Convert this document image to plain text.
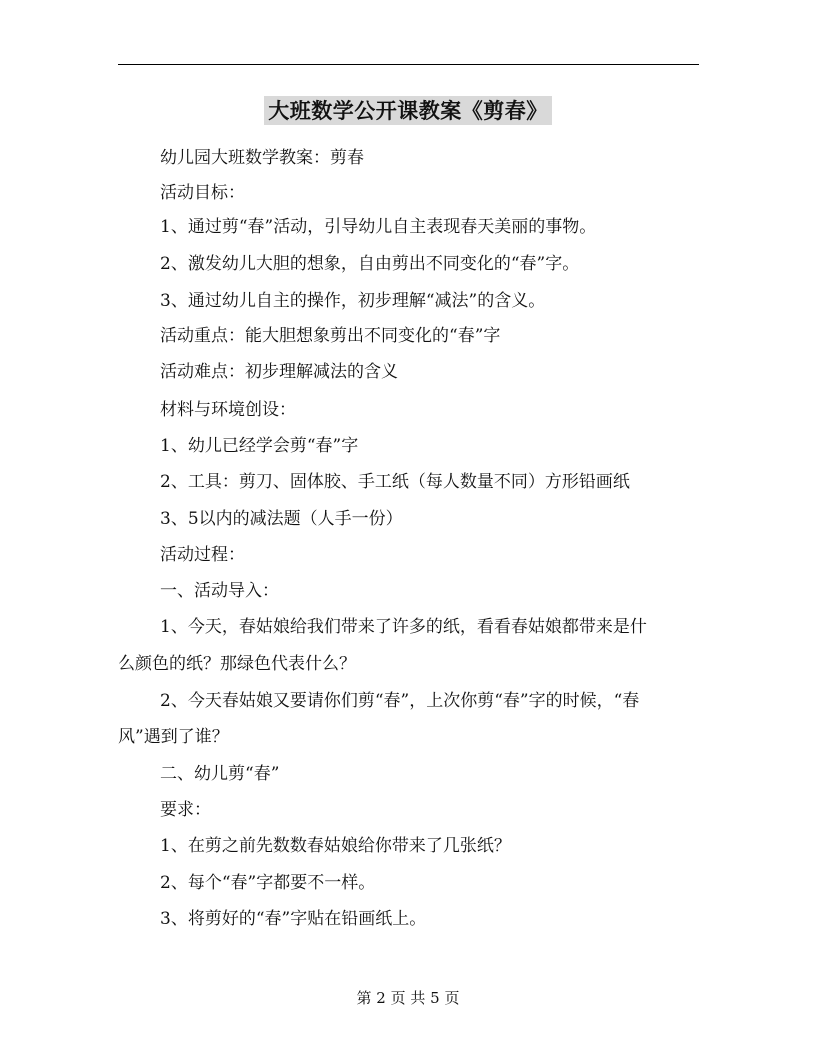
大班数学公开课教案《剪春》
幼儿园大班数学教案：剪春
活动目标：
1、通过剪“春”活动，引导幼儿自主表现春天美丽的事物。
2、激发幼儿大胆的想象，自由剪出不同变化的“春”字。
3、通过幼儿自主的操作，初步理解“减法”的含义。
活动重点：能大胆想象剪出不同变化的“春”字
活动难点：初步理解减法的含义
材料与环境创设：
1、幼儿已经学会剪“春”字
2、工具：剪刀、固体胶、手工纸（每人数量不同）方形铅画纸
3、5以内的减法题（人手一份）
活动过程：
一、活动导入：
1、今天，春姑娘给我们带来了许多的纸，看看春姑娘都带来是什
么颜色的纸？那绿色代表什么？
2、今天春姑娘又要请你们剪“春”，上次你剪“春”字的时候，“春
风”遇到了谁？
二、幼儿剪“春”
要求：
1、在剪之前先数数春姑娘给你带来了几张纸？
2、每个“春”字都要不一样。
3、将剪好的“春”字贴在铅画纸上。
第 2 页 共 5 页
